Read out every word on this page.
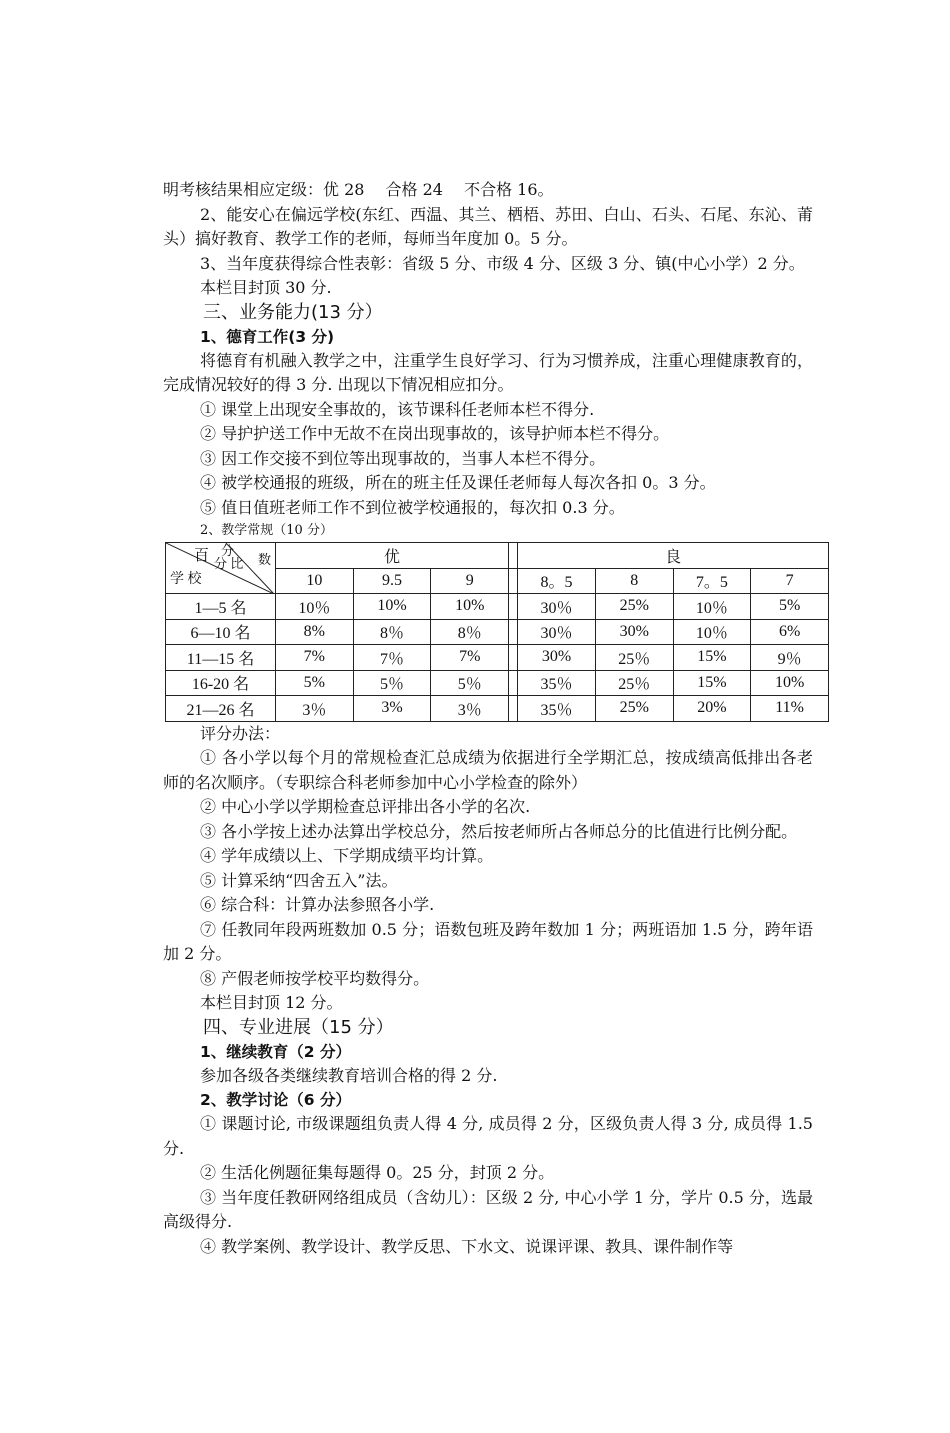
明考核结果相应定级：优 28　 合格 24　 不合格 16。

2、能安心在偏远学校(东红、西温、其兰、栖梧、苏田、白山、石头、石尾、东沁、莆头）搞好教育、教学工作的老师，每师当年度加 0。5 分。

3、当年度获得综合性表彰：省级 5 分、市级 4 分、区级 3 分、镇(中心小学）2 分。

本栏目封顶 30 分.

三、业务能力(13 分）

1、德育工作(3 分)

将德育有机融入教学之中，注重学生良好学习、行为习惯养成，注重心理健康教育的，完成情况较好的得 3 分. 出现以下情况相应扣分。

① 课堂上出现安全事故的，该节课科任老师本栏不得分.

② 导护护送工作中无故不在岗出现事故的，该导护师本栏不得分。

③ 因工作交接不到位等出现事故的，当事人本栏不得分。

④ 被学校通报的班级，所在的班主任及课任老师每人每次各扣 0。3 分。

⑤ 值日值班老师工作不到位被学校通报的，每次扣 0.3 分。

2、教学常规（10 分）

分
数
百 分 比
学 校	优				良			
	10	9.5	9		8。5	8	7。5	7
1—5 名	10％	10%	10%		30％	25%	10％	5%
6—10 名	8%	8％	8％		30％	30%	10％	6%
11—15 名	7%	7％	7%		30%	25％	15%	9％
16-20 名	5%	5％	5％		35％	25％	15%	10%
21—26 名	3％	3%	3％		35％	25%	20%	11%

评分办法：

① 各小学以每个月的常规检查汇总成绩为依据进行全学期汇总，按成绩高低排出各老师的名次顺序。（专职综合科老师参加中心小学检查的除外）

② 中心小学以学期检查总评排出各小学的名次.

③ 各小学按上述办法算出学校总分，然后按老师所占各师总分的比值进行比例分配。

④ 学年成绩以上、下学期成绩平均计算。

⑤ 计算采纳“四舍五入”法。

⑥ 综合科：计算办法参照各小学.

⑦ 任教同年段两班数加 0.5 分；语数包班及跨年数加 1 分；两班语加 1.5 分，跨年语加 2 分。

⑧ 产假老师按学校平均数得分。

本栏目封顶 12 分。

四、专业进展（15 分）

1、继续教育（2 分）

参加各级各类继续教育培训合格的得 2 分.

2、教学讨论（6 分）

① 课题讨论, 市级课题组负责人得 4 分, 成员得 2 分，区级负责人得 3 分, 成员得 1.5 分.

② 生活化例题征集每题得 0。25 分，封顶 2 分。

③ 当年度任教研网络组成员（含幼儿）：区级 2 分, 中心小学 1 分，学片 0.5 分，选最高级得分.

④ 教学案例、教学设计、教学反思、下水文、说课评课、教具、课件制作等
